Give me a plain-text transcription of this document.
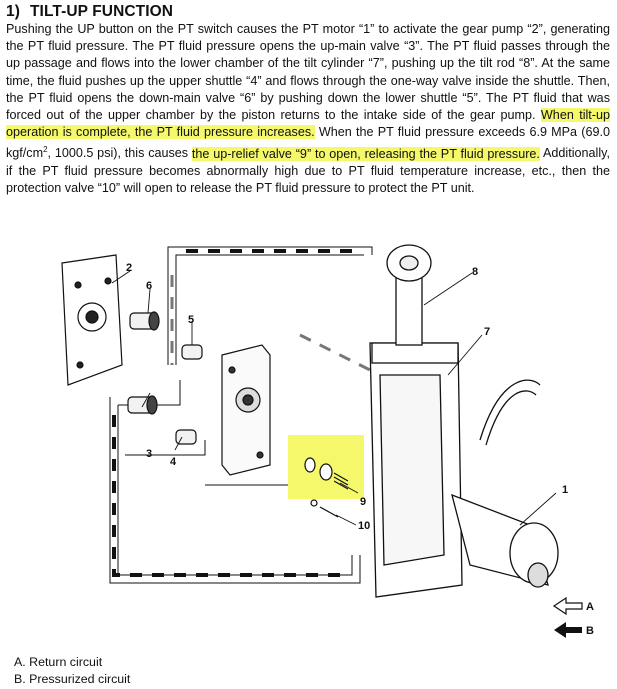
1) TILT-UP FUNCTION
Pushing the UP button on the PT switch causes the PT motor “1” to activate the gear pump “2”, generating the PT fluid pressure. The PT fluid pressure opens the up-main valve “3”. The PT fluid passes through the up passage and flows into the lower chamber of the tilt cylinder “7”, pushing up the tilt rod “8”. At the same time, the fluid pushes up the upper shuttle “4” and flows through the one-way valve inside the shuttle. Then, the PT fluid opens the down-main valve “6” by pushing down the lower shuttle “5”. The PT fluid that was forced out of the upper chamber by the piston returns to the intake side of the gear pump. When tilt-up operation is complete, the PT fluid pressure increases. When the PT fluid pressure exceeds 6.9 MPa (69.0 kgf/$cm^2$, 1000.5 psi), this causes the up-relief valve “9” to open, releasing the PT fluid pressure. Additionally, if the PT fluid pressure becomes abnormally high due to PT fluid temperature increase, etc., then the protection valve “10” will open to release the PT fluid pressure to protect the PT unit.
A
B
1
2
3
4
5
6
7
8
9
10
A. Return circuit
B. Pressurized circuit
